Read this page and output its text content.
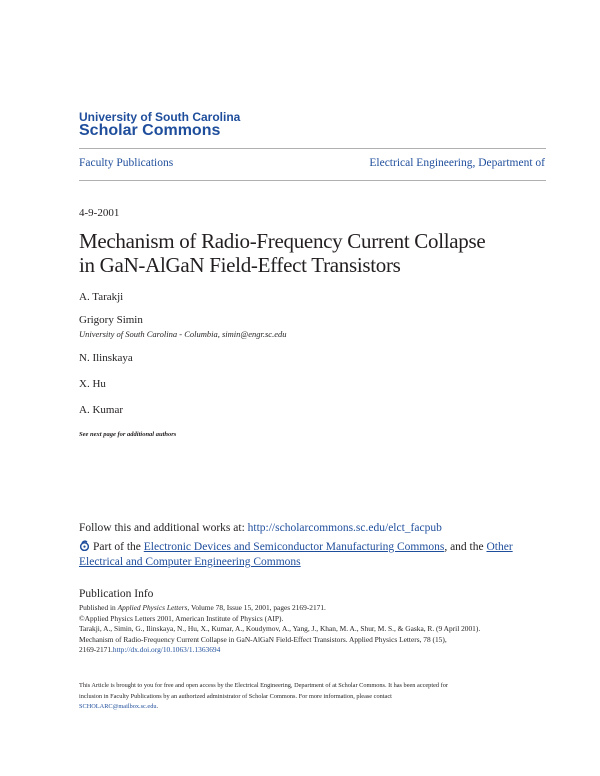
University of South Carolina
Scholar Commons
Faculty Publications	Electrical Engineering, Department of
4-9-2001
Mechanism of Radio-Frequency Current Collapse
in GaN-AlGaN Field-Effect Transistors
A. Tarakji
Grigory Simin
University of South Carolina - Columbia, simin@engr.sc.edu
N. Ilinskaya
X. Hu
A. Kumar
See next page for additional authors
Follow this and additional works at: http://scholarcommons.sc.edu/elct_facpub
Part of the Electronic Devices and Semiconductor Manufacturing Commons, and the Other
Electrical and Computer Engineering Commons
Publication Info
Published in Applied Physics Letters, Volume 78, Issue 15, 2001, pages 2169-2171.
©Applied Physics Letters 2001, American Institute of Physics (AIP).
Tarakji, A., Simin, G., Ilinskaya, N., Hu, X., Kumar, A., Koudymov, A., Yang, J., Khan, M. A., Shur, M. S., & Gaska, R. (9 April 2001).
Mechanism of Radio-Frequency Current Collapse in GaN-AlGaN Field-Effect Transistors. Applied Physics Letters, 78 (15),
2169-2171.http://dx.doi.org/10.1063/1.1363694
This Article is brought to you for free and open access by the Electrical Engineering, Department of at Scholar Commons. It has been accepted for
inclusion in Faculty Publications by an authorized administrator of Scholar Commons. For more information, please contact
SCHOLARC@mailbox.sc.edu.
